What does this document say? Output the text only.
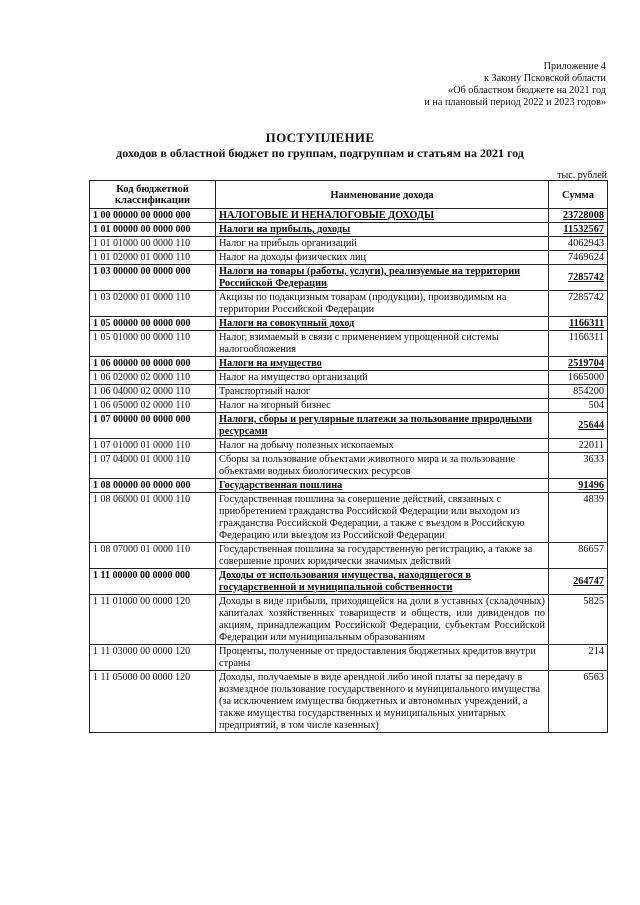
Приложение 4
к Закону Псковской области
«Об областном бюджете на 2021 год
и на плановый период 2022 и 2023 годов»
ПОСТУПЛЕНИЕ
доходов в областной бюджет по группам, подгруппам и статьям на 2021 год
тыс. рублей
Код бюджетной классификации	Наименование дохода	Сумма
1 00 00000 00 0000 000	НАЛОГОВЫЕ И НЕНАЛОГОВЫЕ ДОХОДЫ	23728008
1 01 00000 00 0000 000	Налоги на прибыль, доходы	11532567
1 01 01000 00 0000 110	Налог на прибыль организаций	4062943
1 01 02000 01 0000 110	Налог на доходы физических лиц	7469624
1 03 00000 00 0000 000	Налоги на товары (работы, услуги), реализуемые на территории Российской Федерации	7285742
1 03 02000 01 0000 110	Акцизы по подакцизным товарам (продукции), производимым на территории Российской Федерации	7285742
1 05 00000 00 0000 000	Налоги на совокупный доход	1166311
1 05 01000 00 0000 110	Налог, взимаемый в связи с применением упрощенной системы налогообложения	1166311
1 06 00000 00 0000 000	Налоги на имущество	2519704
1 06 02000 02 0000 110	Налог на имущество организаций	1665000
1 06 04000 02 0000 110	Транспортный налог	854200
1 06 05000 02 0000 110	Налог на игорный бизнес	504
1 07 00000 00 0000 000	Налоги, сборы и регулярные платежи за пользование природными ресурсами	25644
1 07 01000 01 0000 110	Налог на добычу полезных ископаемых	22011
1 07 04000 01 0000 110	Сборы за пользование объектами животного мира и за пользование объектами водных биологических ресурсов	3633
1 08 00000 00 0000 000	Государственная пошлина	91496
1 08 06000 01 0000 110	Государственная пошлина за совершение действий, связанных с приобретением гражданства Российской Федерации или выходом из гражданства Российской Федерации, а также с въездом в Российскую Федерацию или выездом из Российской Федерации	4839
1 08 07000 01 0000 110	Государственная пошлина за государственную регистрацию, а также за совершение прочих юридически значимых действий	86657
1 11 00000 00 0000 000	Доходы от использования имущества, находящегося в государственной и муниципальной собственности	264747
1 11 01000 00 0000 120	Доходы в виде прибыли, приходящейся на доли в уставных (складочных) капиталах хозяйственных товариществ и обществ, или дивидендов по акциям, принадлежащим Российской Федерации, субъектам Российской Федерации или муниципальным образованиям	5825
1 11 03000 00 0000 120	Проценты, полученные от предоставления бюджетных кредитов внутри страны	214
1 11 05000 00 0000 120	Доходы, получаемые в виде арендной либо иной платы за передачу в возмездное пользование государственного и муниципального имущества (за исключением имущества бюджетных и автономных учреждений, а также имущества государственных и муниципальных унитарных предприятий, в том числе казенных)	6563
